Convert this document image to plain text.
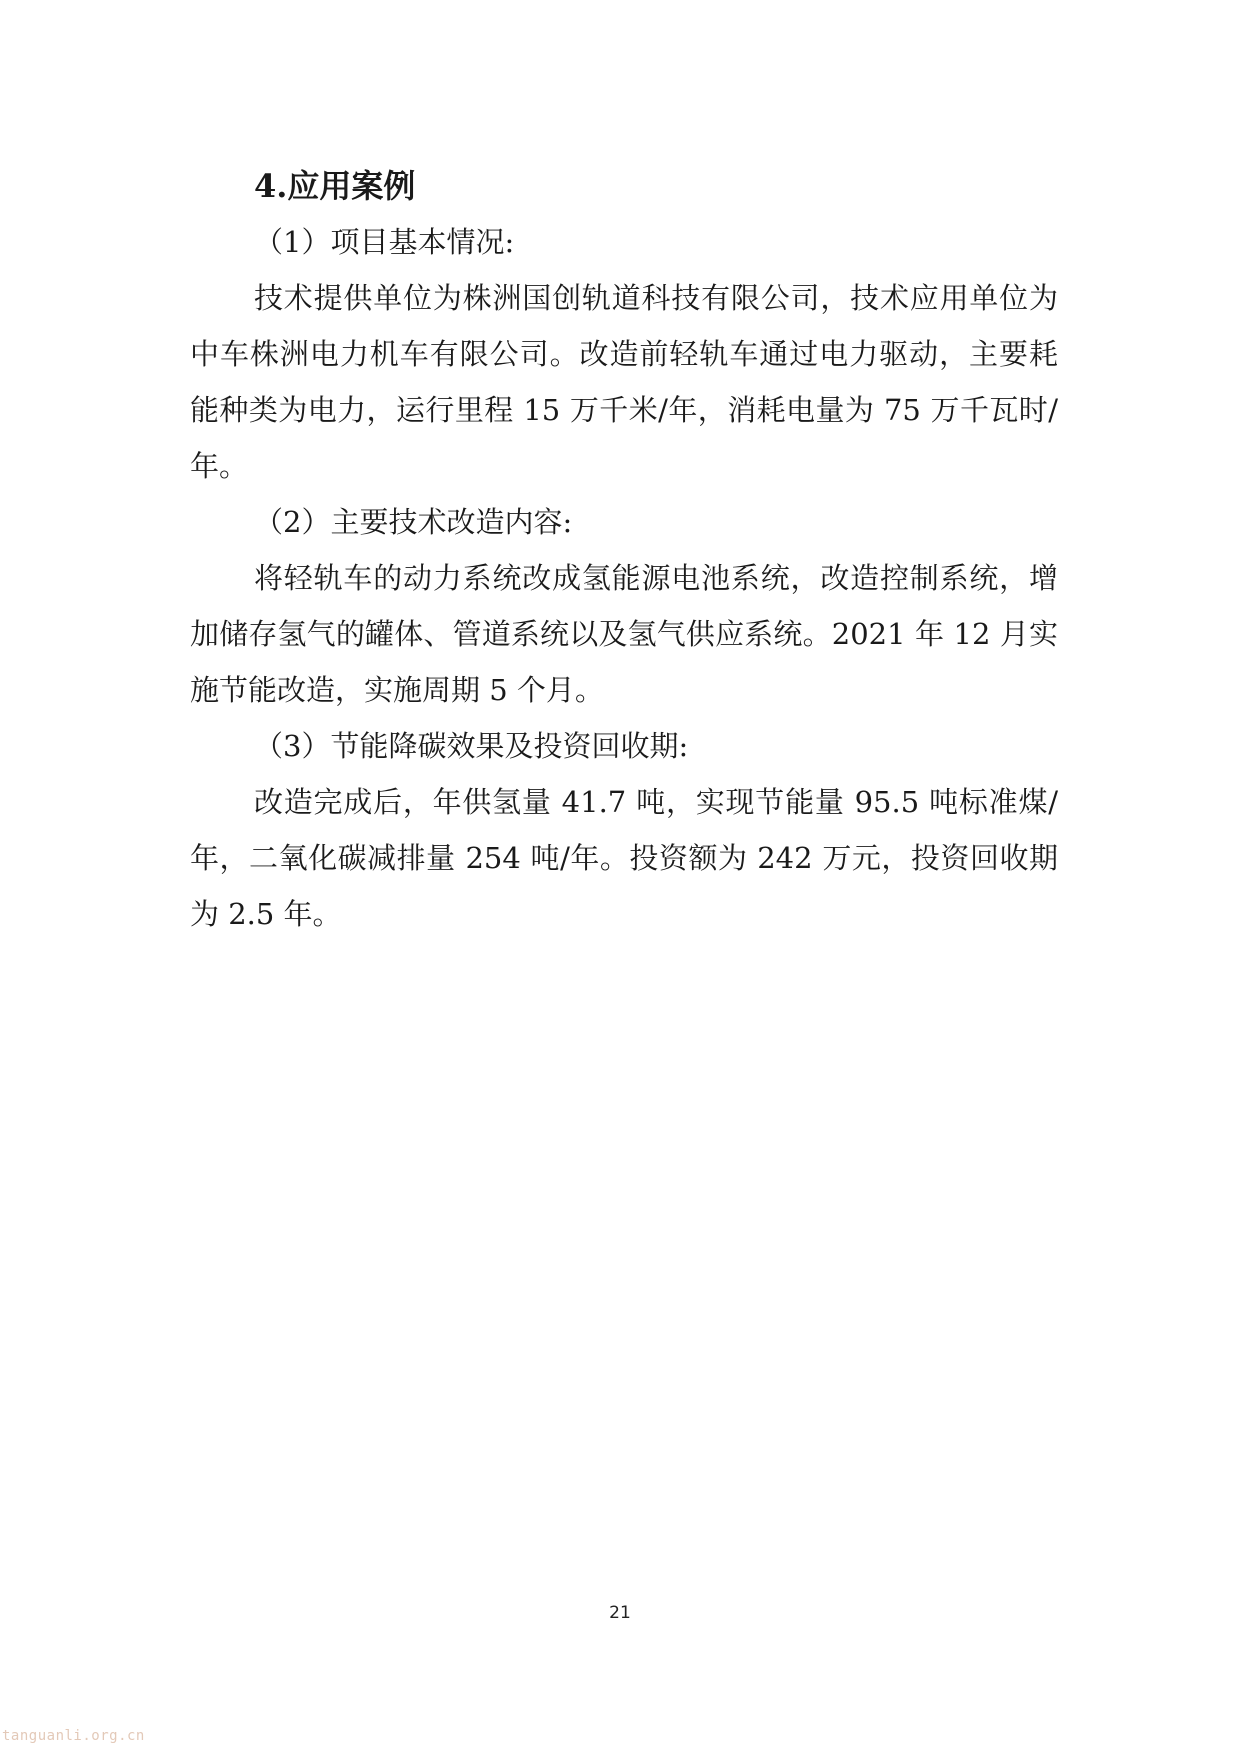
4.应用案例

（1）项目基本情况:

技术提供单位为株洲国创轨道科技有限公司，技术应用单位为中车株洲电力机车有限公司。改造前轻轨车通过电力驱动，主要耗能种类为电力，运行里程 15 万千米/年，消耗电量为 75 万千瓦时/年。

（2）主要技术改造内容:

将轻轨车的动力系统改成氢能源电池系统，改造控制系统，增加储存氢气的罐体、管道系统以及氢气供应系统。2021 年 12 月实施节能改造，实施周期 5 个月。

（3）节能降碳效果及投资回收期:

改造完成后，年供氢量 41.7 吨，实现节能量 95.5 吨标准煤/年，二氧化碳减排量 254 吨/年。投资额为 242 万元，投资回收期为 2.5 年。

21
tanguanli.org.cn
